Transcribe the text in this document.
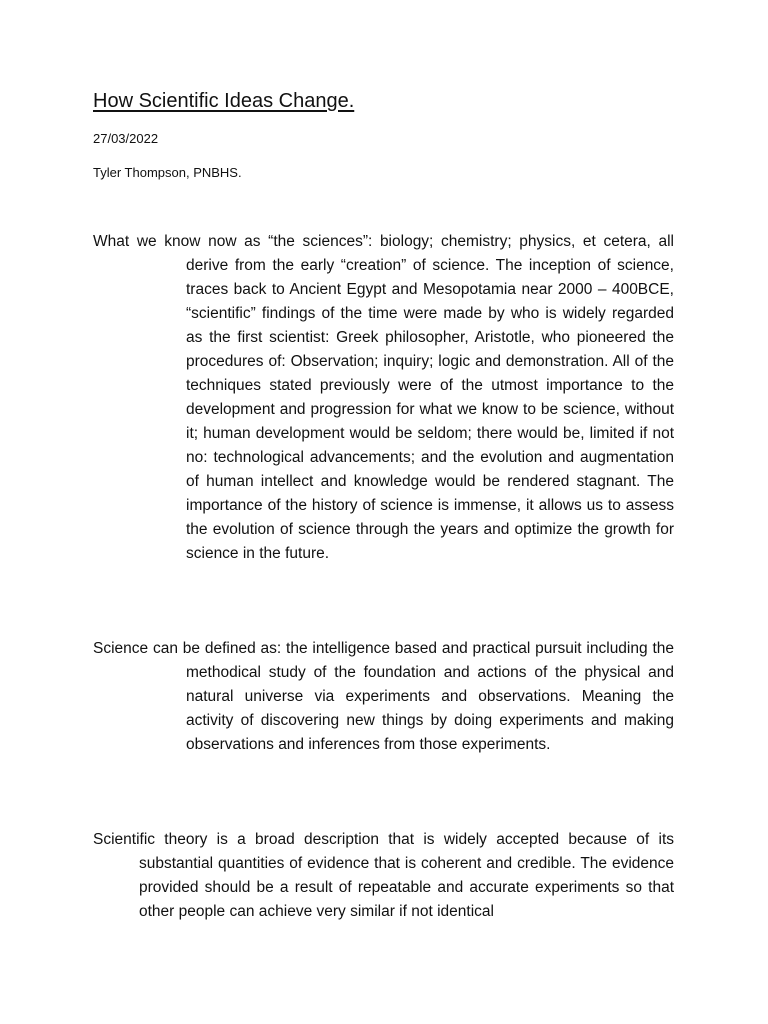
How Scientific Ideas Change.
27/03/2022
Tyler Thompson, PNBHS.

What we know now as “the sciences”: biology; chemistry; physics, et cetera, all derive from the early “creation” of science. The inception of science, traces back to Ancient Egypt and Mesopotamia near 2000 – 400BCE, “scientific” findings of the time were made by who is widely regarded as the first scientist: Greek philosopher, Aristotle, who pioneered the procedures of: Observation; inquiry; logic and demonstration. All of the techniques stated previously were of the utmost importance to the development and progression for what we know to be science, without it; human development would be seldom; there would be, limited if not no: technological advancements; and the evolution and augmentation of human intellect and knowledge would be rendered stagnant. The importance of the history of science is immense, it allows us to assess the evolution of science through the years and optimize the growth for science in the future.

Science can be defined as: the intelligence based and practical pursuit including the methodical study of the foundation and actions of the physical and natural universe via experiments and observations. Meaning the activity of discovering new things by doing experiments and making observations and inferences from those experiments.

Scientific theory is a broad description that is widely accepted because of its substantial quantities of evidence that is coherent and credible. The evidence provided should be a result of repeatable and accurate experiments so that other people can achieve very similar if not identical
